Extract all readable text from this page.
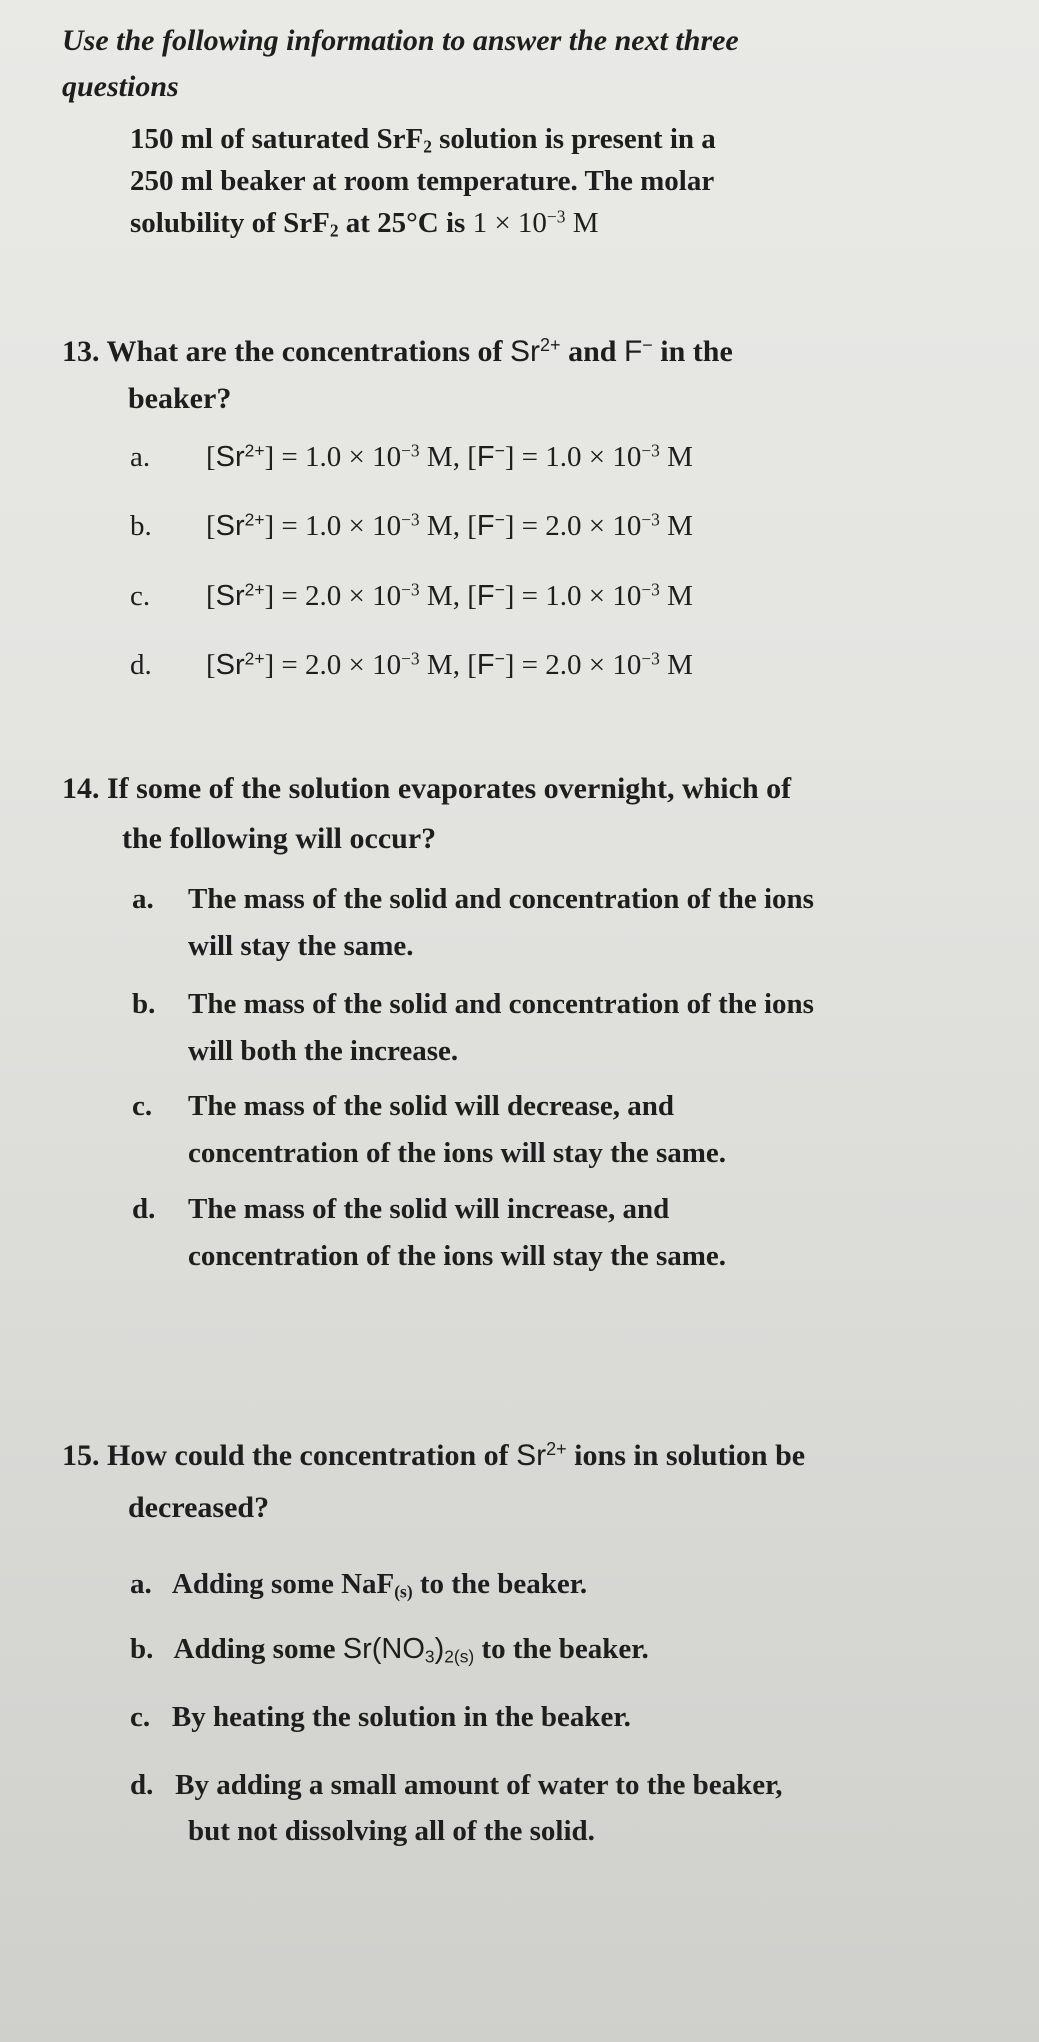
Use the following information to answer the next three
questions
150 ml of saturated SrF$_2$ solution is present in a
250 ml beaker at room temperature. The molar
solubility of SrF$_2$ at 25°C is $1 \times 10^{-3}$ M
13. What are the concentrations of $Sr^{2+}$ and F− in the
beaker?
a. $[Sr^{2+}] = 1.0 \times 10^{-3}$ M, $[F^-] = 1.0 \times 10^{-3}$ M
b. $[Sr^{2+}] = 1.0 \times 10^{-3}$ M, $[F^-] = 2.0 \times 10^{-3}$ M
c. $[Sr^{2+}] = 2.0 \times 10^{-3}$ M, $[F^-] = 1.0 \times 10^{-3}$ M
d. $[Sr^{2+}] = 2.0 \times 10^{-3}$ M, $[F^-] = 2.0 \times 10^{-3}$ M
14. If some of the solution evaporates overnight, which of
the following will occur?
a. The mass of the solid and concentration of the ions
will stay the same.
b. The mass of the solid and concentration of the ions
will both the increase.
c. The mass of the solid will decrease, and
concentration of the ions will stay the same.
d. The mass of the solid will increase, and
concentration of the ions will stay the same.
15. How could the concentration of $Sr^{2+}$ ions in solution be
decreased?
a. Adding some NaF$_{(s)}$ to the beaker.
b. Adding some $Sr(NO_3)_{2(s)}$ to the beaker.
c. By heating the solution in the beaker.
d. By adding a small amount of water to the beaker,
but not dissolving all of the solid.
